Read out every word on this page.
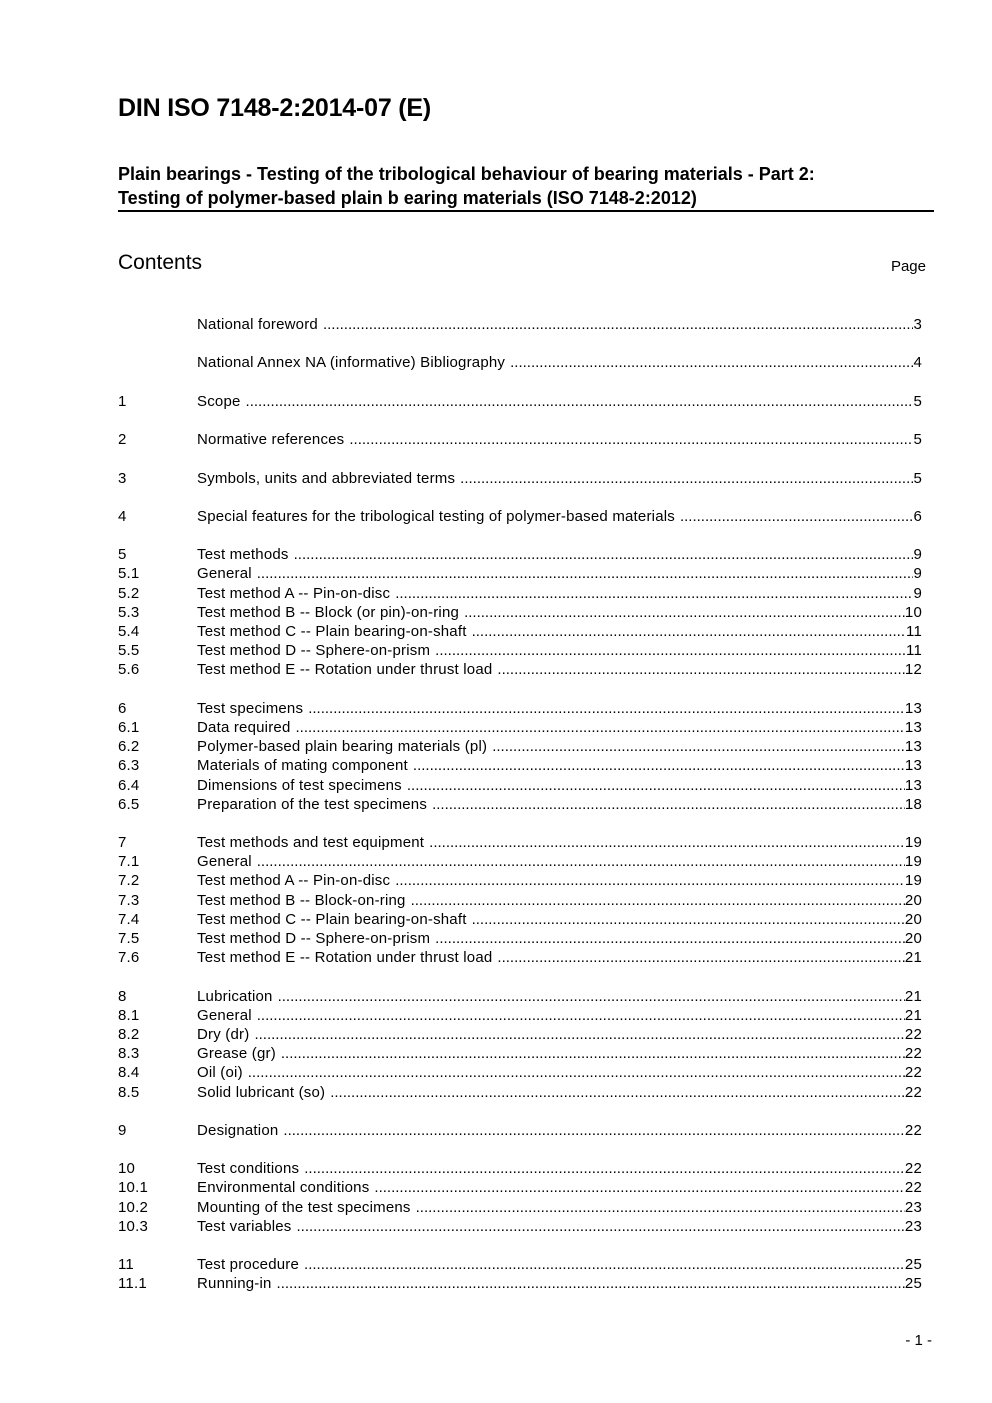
DIN ISO 7148-2:2014-07 (E)
Plain bearings - Testing of the tribological behaviour of bearing materials - Part 2:
Testing of polymer-based plain b earing materials (ISO 7148-2:2012)
Contents	Page
National foreword .....	3
National Annex NA (informative) Bibliography .....	4
1	Scope .....	5
2	Normative references .....	5
3	Symbols, units and abbreviated terms .....	5
4	Special features for the tribological testing of polymer-based materials .....	6
5	Test methods .....	9
5.1	General .....	9
5.2	Test method A -- Pin-on-disc .....	9
5.3	Test method B -- Block (or pin)-on-ring .....	10
5.4	Test method C -- Plain bearing-on-shaft .....	11
5.5	Test method D -- Sphere-on-prism .....	11
5.6	Test method E -- Rotation under thrust load .....	12
6	Test specimens .....	13
6.1	Data required .....	13
6.2	Polymer-based plain bearing materials (pl) .....	13
6.3	Materials of mating component .....	13
6.4	Dimensions of test specimens .....	13
6.5	Preparation of the test specimens .....	18
7	Test methods and test equipment .....	19
7.1	General .....	19
7.2	Test method A -- Pin-on-disc .....	19
7.3	Test method B -- Block-on-ring .....	20
7.4	Test method C -- Plain bearing-on-shaft .....	20
7.5	Test method D -- Sphere-on-prism .....	20
7.6	Test method E -- Rotation under thrust load .....	21
8	Lubrication .....	21
8.1	General .....	21
8.2	Dry (dr) .....	22
8.3	Grease (gr) .....	22
8.4	Oil (oi) .....	22
8.5	Solid lubricant (so) .....	22
9	Designation .....	22
10	Test conditions .....	22
10.1	Environmental conditions .....	22
10.2	Mounting of the test specimens .....	23
10.3	Test variables .....	23
11	Test procedure .....	25
11.1	Running-in .....	25
- 1 -
